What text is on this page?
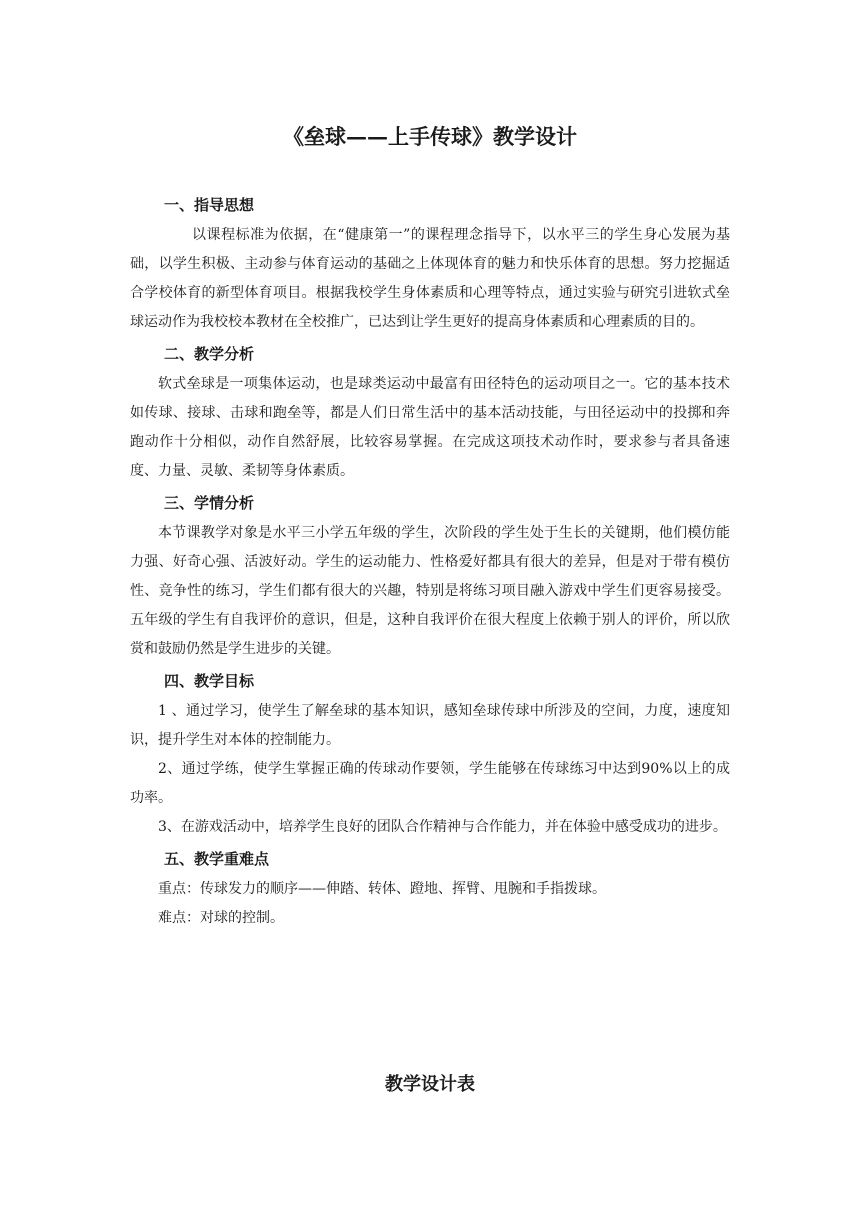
《垒球——上手传球》教学设计
一、指导思想

以课程标准为依据，在“健康第一”的课程理念指导下，以水平三的学生身心发展为基础，以学生积极、主动参与体育运动的基础之上体现体育的魅力和快乐体育的思想。努力挖掘适合学校体育的新型体育项目。根据我校学生身体素质和心理等特点，通过实验与研究引进软式垒球运动作为我校校本教材在全校推广，已达到让学生更好的提高身体素质和心理素质的目的。

二、教学分析

软式垒球是一项集体运动，也是球类运动中最富有田径特色的运动项目之一。它的基本技术如传球、接球、击球和跑垒等，都是人们日常生活中的基本活动技能，与田径运动中的投掷和奔跑动作十分相似，动作自然舒展，比较容易掌握。在完成这项技术动作时，要求参与者具备速度、力量、灵敏、柔韧等身体素质。

三、学情分析

本节课教学对象是水平三小学五年级的学生，次阶段的学生处于生长的关键期，他们模仿能力强、好奇心强、活波好动。学生的运动能力、性格爱好都具有很大的差异，但是对于带有模仿性、竞争性的练习，学生们都有很大的兴趣，特别是将练习项目融入游戏中学生们更容易接受。五年级的学生有自我评价的意识，但是，这种自我评价在很大程度上依赖于别人的评价，所以欣赏和鼓励仍然是学生进步的关键。

四、教学目标

1 、通过学习，使学生了解垒球的基本知识，感知垒球传球中所涉及的空间，力度，速度知识，提升学生对本体的控制能力。

2、通过学练，使学生掌握正确的传球动作要领，学生能够在传球练习中达到90%以上的成功率。

3、在游戏活动中，培养学生良好的团队合作精神与合作能力，并在体验中感受成功的进步。

五、教学重难点

重点：传球发力的顺序——伸踏、转体、蹬地、挥臂、甩腕和手指拨球。

难点：对球的控制。

教学设计表
